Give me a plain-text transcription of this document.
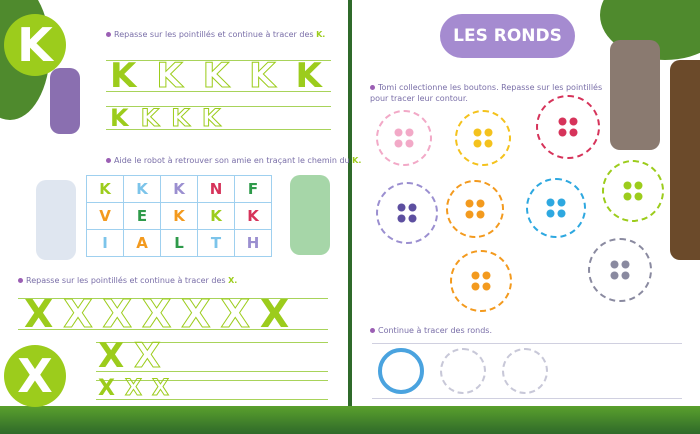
K
X
Repasse sur les pointillés et continue à tracer des K.
K K K K K
K K K K
Aide le robot à retrouver son amie en traçant le chemin du K.
K	K	K	N	F
V	E	K	K	K
I	A	L	T	H
Repasse sur les pointillés et continue à tracer des X.
X X X X X X X
X X
X X X
LES RONDS
Tomi collectionne les boutons. Repasse sur les pointillés pour tracer leur contour.
Continue à tracer des ronds.
